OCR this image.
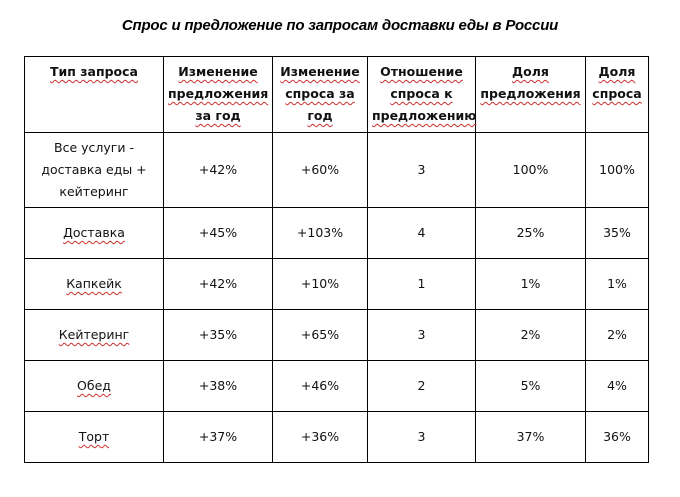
Спрос и предложение по запросам доставки еды в России
Тип запроса	Изменение предложения за год	Изменение спроса за год	Отношение спроса к предложению	Доля предложения	Доля спроса
Все услуги - доставка еды + кейтеринг	+42%	+60%	3	100%	100%
Доставка	+45%	+103%	4	25%	35%
Капкейк	+42%	+10%	1	1%	1%
Кейтеринг	+35%	+65%	3	2%	2%
Обед	+38%	+46%	2	5%	4%
Торт	+37%	+36%	3	37%	36%
